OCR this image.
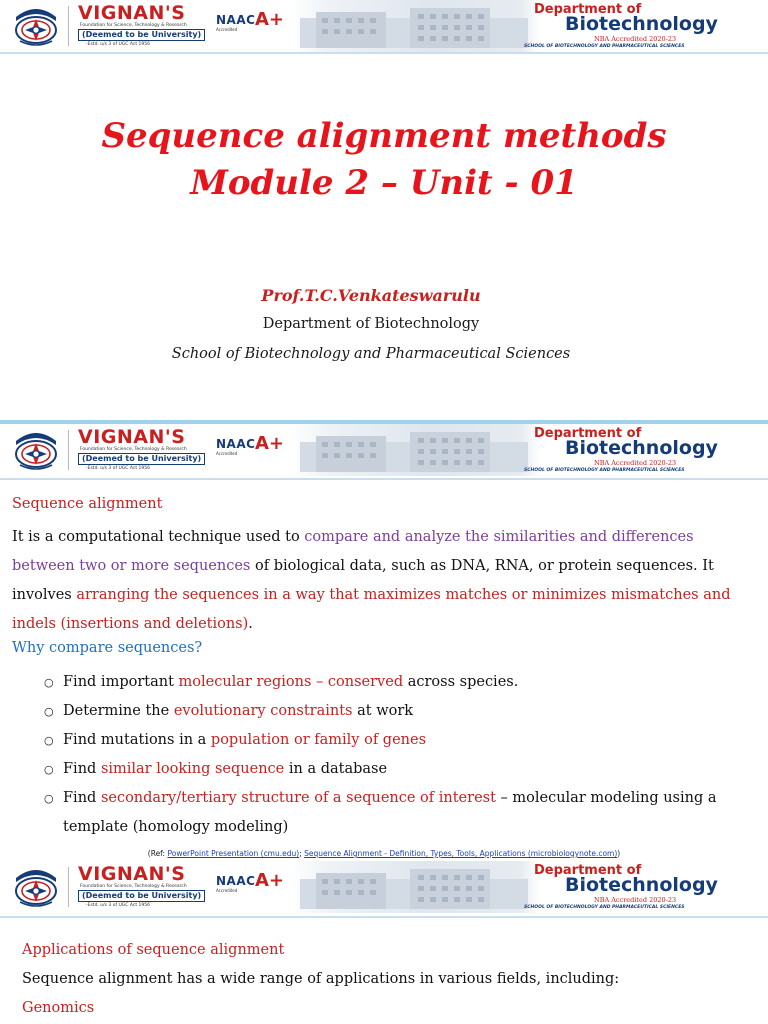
VIGNAN'S
Foundation for Science, Technology & Research
(Deemed to be University)
-Estd. u/s 3 of UGC Act 1956
NAAC A+
Accredited
Department of
Biotechnology
NBA Accredited 2020-23
SCHOOL OF BIOTECHNOLOGY AND PHARMACEUTICAL SCIENCES
Sequence alignment methods
Module 2 – Unit - 01
Prof.T.C.Venkateswarulu
Department of Biotechnology
School of Biotechnology and Pharmaceutical Sciences
VIGNAN'S
Foundation for Science, Technology & Research
(Deemed to be University)
-Estd. u/s 3 of UGC Act 1956
NAAC A+
Accredited
Department of
Biotechnology
NBA Accredited 2020-23
SCHOOL OF BIOTECHNOLOGY AND PHARMACEUTICAL SCIENCES
Sequence alignment
It is a computational technique used to compare and analyze the similarities and differences between two or more sequences of biological data, such as DNA, RNA, or protein sequences. It involves arranging the sequences in a way that maximizes matches or minimizes mismatches and indels (insertions and deletions).
Why compare sequences?
○ Find important molecular regions – conserved across species.
○ Determine the evolutionary constraints at work
○ Find mutations in a population or family of genes
○ Find similar looking sequence in a database
○ Find secondary/tertiary structure of a sequence of interest – molecular modeling using a template (homology modeling)
(Ref: PowerPoint Presentation (cmu.edu); Sequence Alignment - Definition, Types, Tools, Applications (microbiologynote.com))
VIGNAN'S
Foundation for Science, Technology & Research
(Deemed to be University)
-Estd. u/s 3 of UGC Act 1956
NAAC A+
Accredited
Department of
Biotechnology
NBA Accredited 2020-23
SCHOOL OF BIOTECHNOLOGY AND PHARMACEUTICAL SCIENCES
Applications of sequence alignment
Sequence alignment has a wide range of applications in various fields, including:
Genomics
